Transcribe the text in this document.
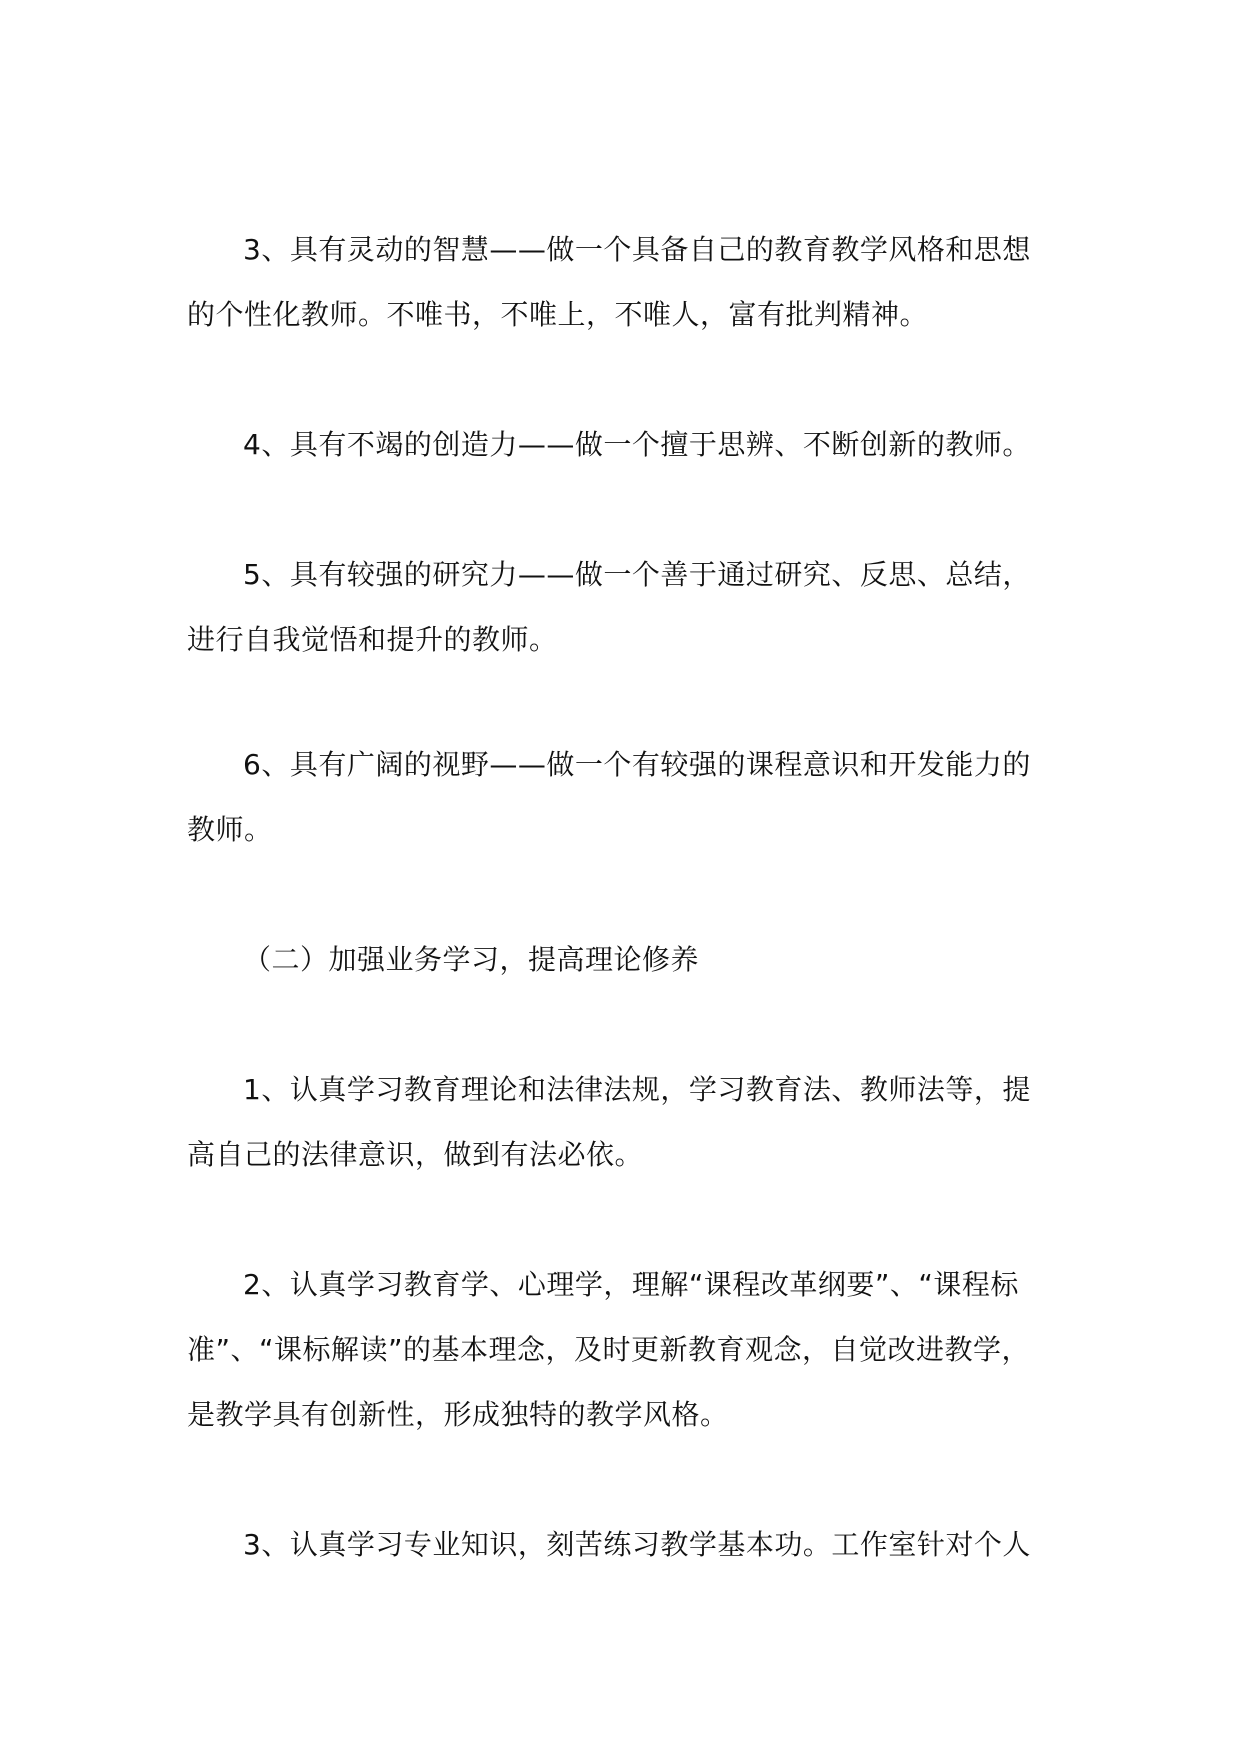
3、具有灵动的智慧——做一个具备自己的教育教学风格和思想
的个性化教师。不唯书，不唯上，不唯人，富有批判精神。
4、具有不竭的创造力——做一个擅于思辨、不断创新的教师。
5、具有较强的研究力——做一个善于通过研究、反思、总结，
进行自我觉悟和提升的教师。
6、具有广阔的视野——做一个有较强的课程意识和开发能力的
教师。
（二）加强业务学习，提高理论修养
1、认真学习教育理论和法律法规，学习教育法、教师法等，提
高自己的法律意识，做到有法必依。
2、认真学习教育学、心理学，理解“课程改革纲要”、“课程标
准”、“课标解读”的基本理念，及时更新教育观念，自觉改进教学，
是教学具有创新性，形成独特的教学风格。
3、认真学习专业知识，刻苦练习教学基本功。工作室针对个人
